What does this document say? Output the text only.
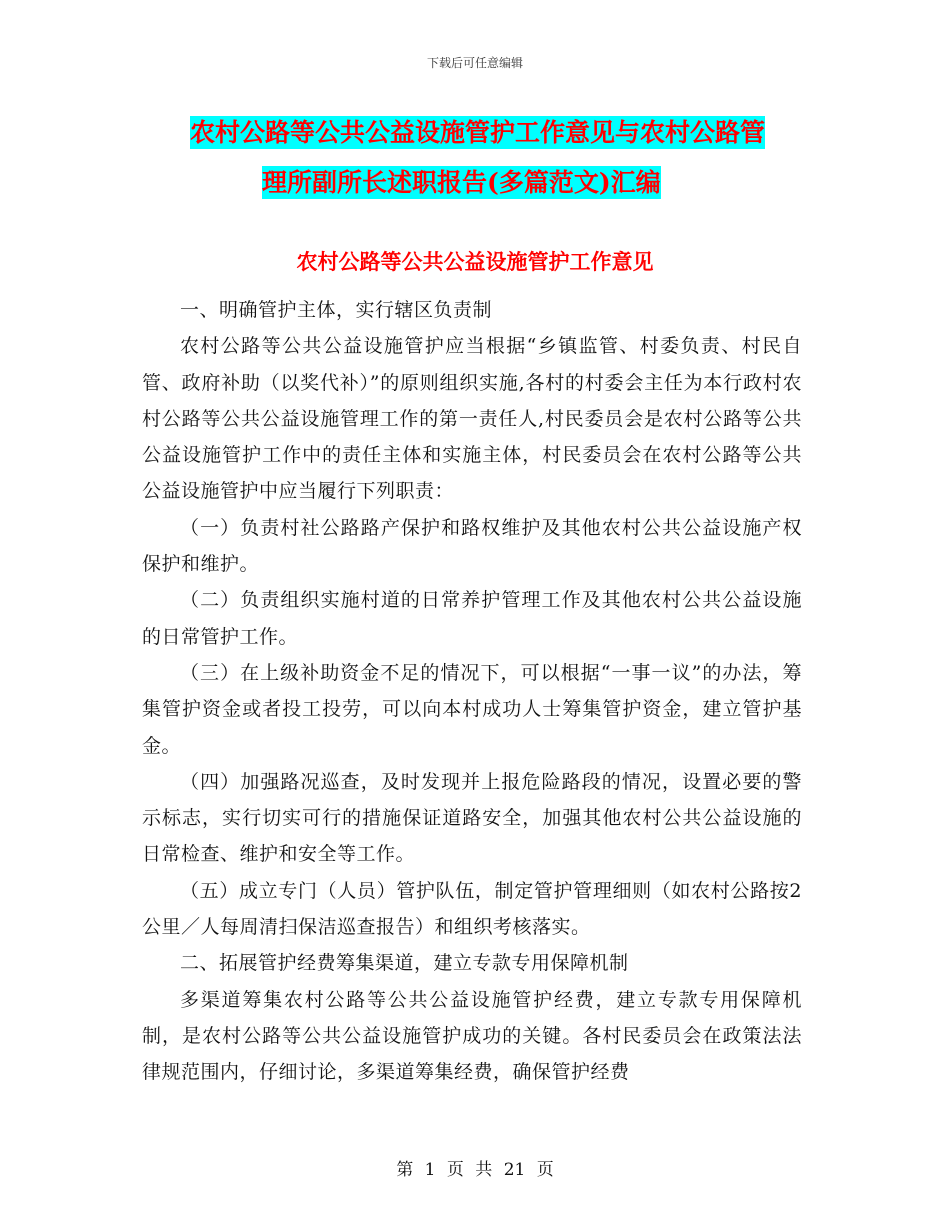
下载后可任意编辑
农村公路等公共公益设施管护工作意见与农村公路管
理所副所长述职报告(多篇范文)汇编
农村公路等公共公益设施管护工作意见

一、明确管护主体，实行辖区负责制

农村公路等公共公益设施管护应当根据“乡镇监管、村委负责、村民自管、政府补助（以奖代补）”的原则组织实施,各村的村委会主任为本行政村农村公路等公共公益设施管理工作的第一责任人,村民委员会是农村公路等公共公益设施管护工作中的责任主体和实施主体，村民委员会在农村公路等公共公益设施管护中应当履行下列职责：

（一）负责村社公路路产保护和路权维护及其他农村公共公益设施产权保护和维护。

（二）负责组织实施村道的日常养护管理工作及其他农村公共公益设施的日常管护工作。

（三）在上级补助资金不足的情况下，可以根据“一事一议”的办法，筹集管护资金或者投工投劳，可以向本村成功人士筹集管护资金，建立管护基金。

（四）加强路况巡查，及时发现并上报危险路段的情况，设置必要的警示标志，实行切实可行的措施保证道路安全，加强其他农村公共公益设施的日常检查、维护和安全等工作。

（五）成立专门（人员）管护队伍，制定管护管理细则（如农村公路按2公里／人每周清扫保洁巡查报告）和组织考核落实。

二、拓展管护经费筹集渠道，建立专款专用保障机制

多渠道筹集农村公路等公共公益设施管护经费，建立专款专用保障机制，是农村公路等公共公益设施管护成功的关键。各村民委员会在政策法法律规范围内，仔细讨论，多渠道筹集经费，确保管护经费

第 1 页 共 21 页
